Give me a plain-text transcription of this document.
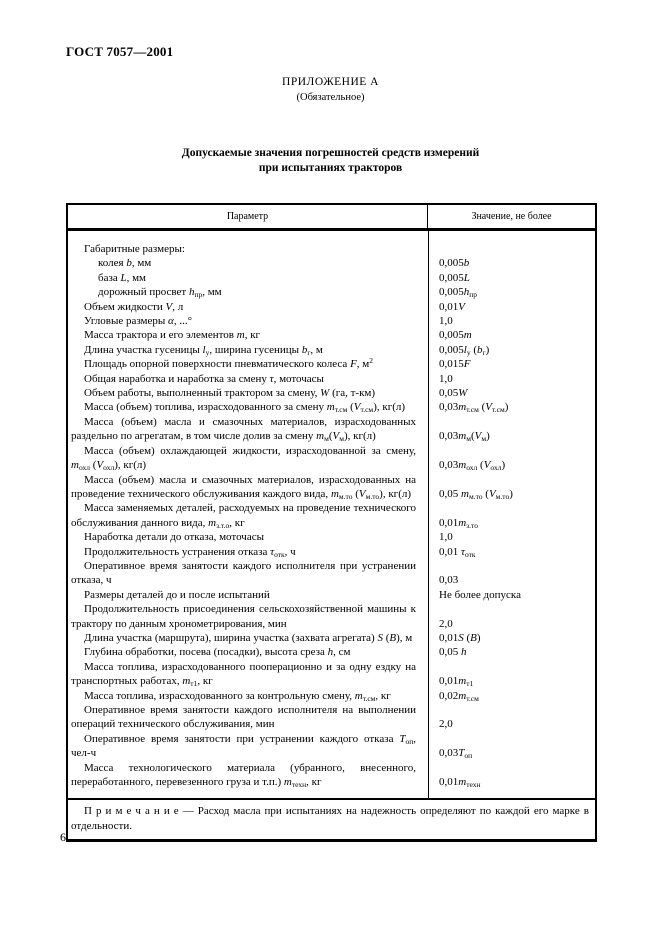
ГОСТ 7057—2001
ПРИЛОЖЕНИЕ А
(Обязательное)
Допускаемые значения погрешностей средств измерений
при испытаниях тракторов
Параметр	Значение, не более
Габаритные размеры:
колея b, мм	0,005b
база L, мм	0,005L
дорожный просвет $h_{пр}$, мм	$0,005h_{пр}$
Объем жидкости V, л	0,01V
Угловые размеры α, ...°	1,0
Масса трактора и его элементов m, кг	0,005m
Длина участка гусеницы $l_у$, ширина гусеницы $b_г$, м	$0,005l_у$ $(b_г)$
Площадь опорной поверхности пневматического колеса F, $м^2$	0,015F
Общая наработка и наработка за смену τ, моточасы	1,0
Объем работы, выполненный трактором за смену, W (га, т-км)	0,05W
Масса (объем) топлива, израсходованного за смену $m_{т.см}$ $(V_{т.см})$, кг(л)	$0,03m_{т.см}$ $(V_{т.см})$
Масса (объем) масла и смазочных материалов, израсходованных раздельно по агрегатам, в том числе долив за смену $m_м(V_м)$, кг(л)	$0,03m_м(V_м)$
Масса (объем) охлаждающей жидкости, израсходованной за смену, $m_{охл}$ $(V_{охл})$, кг(л)	$0,03m_{охл}$ $(V_{охл})$
Масса (объем) масла и смазочных материалов, израсходованных на проведение технического обслуживания каждого вида, $m_{м.то}$ $(V_{м.то})$, кг(л)	0,05 $m_{м.то}$ $(V_{м.то})$
Масса заменяемых деталей, расходуемых на проведение технического обслуживания данного вида, $m_{з.т.о}$, кг	$0,01m_{з.то}$
Наработка детали до отказа, моточасы	1,0
Продолжительность устранения отказа $\tau_{отк}$, ч	0,01 $\tau_{отк}$
Оперативное время занятости каждого исполнителя при устранении отказа, ч	0,03
Размеры деталей до и после испытаний	Не более допуска
Продолжительность присоединения сельскохозяйственной машины к трактору по данным хронометрирования, мин	2,0
Длина участка (маршрута), ширина участка (захвата агрегата) S (B), м	0,01S (B)
Глубина обработки, посева (посадки), высота среза h, см	0,05 h
Масса топлива, израсходованного пооперационно и за одну ездку на транспортных работах, $m_{т1}$, кг	$0,01m_{т1}$
Масса топлива, израсходованного за контрольную смену, $m_{т.см}$, кг	$0,02m_{т.см}$
Оперативное время занятости каждого исполнителя на выполнении операций технического обслуживания, мин	2,0
Оперативное время занятости при устранении каждого отказа $T_{оп}$, чел-ч	$0,03T_{оп}$
Масса технологического материала (убранного, внесенного, переработанного, перевезенного груза и т.п.) $m_{техн}$, кг	$0,01m_{техн}$
П р и м е ч а н и е — Расход масла при испытаниях на надежность определяют по каждой его марке в отдельности.
6
